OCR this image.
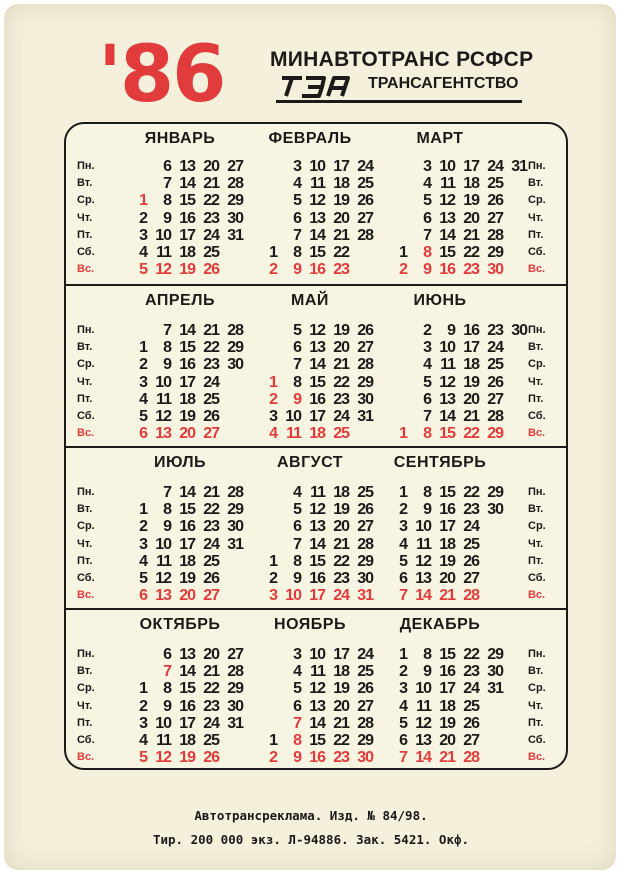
'86 МИНАВТОТРАНС РСФСР
ТРАНСАГЕНТСТВО
Пн.
Вт.
Ср.
Чт.
Пт.
Сб.
Вс.
Пн.
Вт.
Ср.
Чт.
Пт.
Сб.
Вс.
ЯНВАРЬ
1
2
3
4
5
6
7
8
9
10
11
12
13
14
15
16
17
18
19
20
21
22
23
24
25
26
27
28
29
30
31
ФЕВРАЛЬ
1
2
3
4
5
6
7
8
9
10
11
12
13
14
15
16
17
18
19
20
21
22
23
24
25
26
27
28
МАРТ
1
2
3
4
5
6
7
8
9
10
11
12
13
14
15
16
17
18
19
20
21
22
23
24
25
26
27
28
29
30
31
Пн.
Вт.
Ср.
Чт.
Пт.
Сб.
Вс.
Пн.
Вт.
Ср.
Чт.
Пт.
Сб.
Вс.
АПРЕЛЬ
1
2
3
4
5
6
7
8
9
10
11
12
13
14
15
16
17
18
19
20
21
22
23
24
25
26
27
28
29
30
МАЙ
1
2
3
4
5
6
7
8
9
10
11
12
13
14
15
16
17
18
19
20
21
22
23
24
25
26
27
28
29
30
31
ИЮНЬ
1
2
3
4
5
6
7
8
9
10
11
12
13
14
15
16
17
18
19
20
21
22
23
24
25
26
27
28
29
30
Пн.
Вт.
Ср.
Чт.
Пт.
Сб.
Вс.
Пн.
Вт.
Ср.
Чт.
Пт.
Сб.
Вс.
ИЮЛЬ
1
2
3
4
5
6
7
8
9
10
11
12
13
14
15
16
17
18
19
20
21
22
23
24
25
26
27
28
29
30
31
АВГУСТ
1
2
3
4
5
6
7
8
9
10
11
12
13
14
15
16
17
18
19
20
21
22
23
24
25
26
27
28
29
30
31
СЕНТЯБРЬ
1
2
3
4
5
6
7
8
9
10
11
12
13
14
15
16
17
18
19
20
21
22
23
24
25
26
27
28
29
30
Пн.
Вт.
Ср.
Чт.
Пт.
Сб.
Вс.
Пн.
Вт.
Ср.
Чт.
Пт.
Сб.
Вс.
ОКТЯБРЬ
1
2
3
4
5
6
7
8
9
10
11
12
13
14
15
16
17
18
19
20
21
22
23
24
25
26
27
28
29
30
31
НОЯБРЬ
1
2
3
4
5
6
7
8
9
10
11
12
13
14
15
16
17
18
19
20
21
22
23
24
25
26
27
28
29
30
ДЕКАБРЬ
1
2
3
4
5
6
7
8
9
10
11
12
13
14
15
16
17
18
19
20
21
22
23
24
25
26
27
28
29
30
31
Автотрансреклама. Изд. № 84/98.
Тир. 200 000 экз. Л-94886. Зак. 5421. Окф.
